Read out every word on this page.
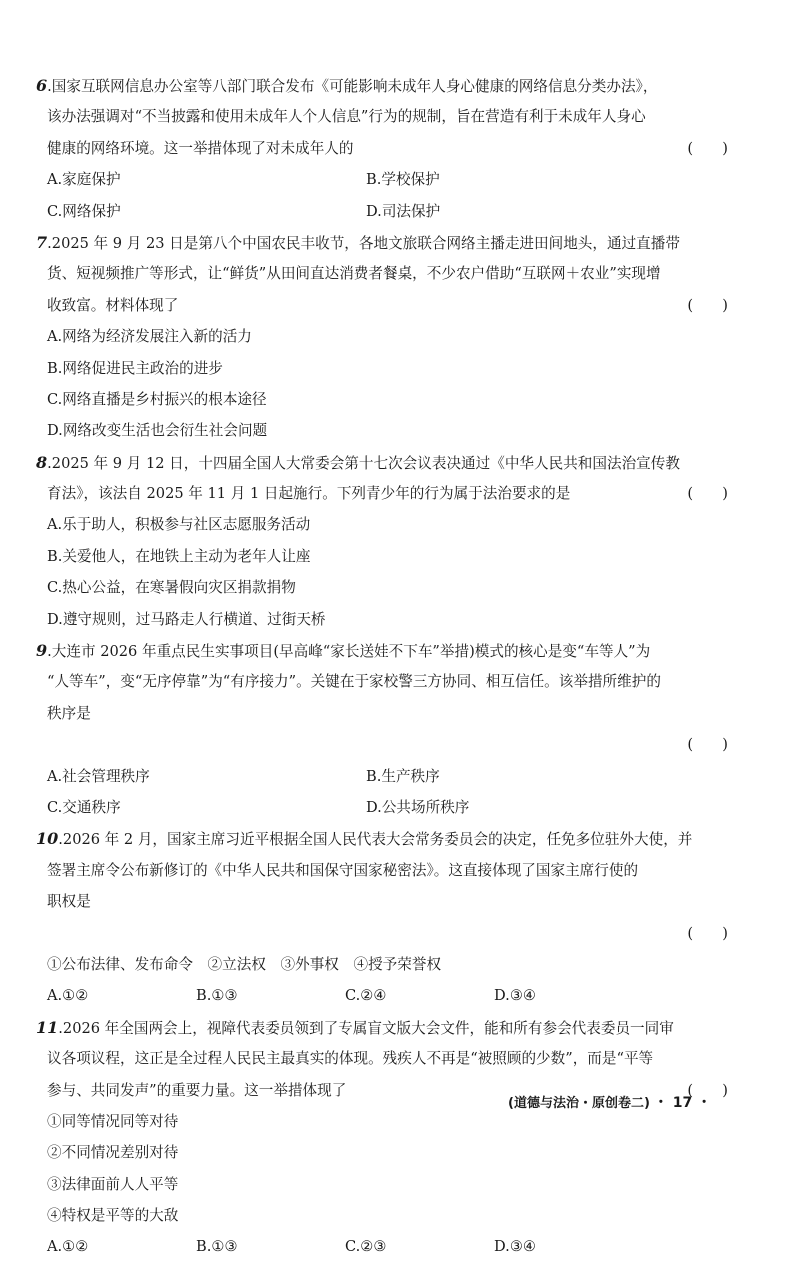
6.国家互联网信息办公室等八部门联合发布《可能影响未成年人身心健康的网络信息分类办法》，
该办法强调对“不当披露和使用未成年人个人信息”行为的规制，旨在营造有利于未成年人身心
健康的网络环境。这一举措体现了对未成年人的	(　　)
A.家庭保护	B.学校保护
C.网络保护	D.司法保护
7.2025 年 9 月 23 日是第八个中国农民丰收节，各地文旅联合网络主播走进田间地头，通过直播带
货、短视频推广等形式，让“鲜货”从田间直达消费者餐桌，不少农户借助“互联网＋农业”实现增
收致富。材料体现了	(　　)
A.网络为经济发展注入新的活力
B.网络促进民主政治的进步
C.网络直播是乡村振兴的根本途径
D.网络改变生活也会衍生社会问题
8.2025 年 9 月 12 日，十四届全国人大常委会第十七次会议表决通过《中华人民共和国法治宣传教
育法》，该法自 2025 年 11 月 1 日起施行。下列青少年的行为属于法治要求的是	(　　)
A.乐于助人，积极参与社区志愿服务活动
B.关爱他人，在地铁上主动为老年人让座
C.热心公益，在寒暑假向灾区捐款捐物
D.遵守规则，过马路走人行横道、过街天桥
9.大连市 2026 年重点民生实事项目(早高峰“家长送娃不下车”举措)模式的核心是变“车等人”为
“人等车”，变“无序停靠”为“有序接力”。关键在于家校警三方协同、相互信任。该举措所维护的
秩序是
(　　)
A.社会管理秩序	B.生产秩序
C.交通秩序	D.公共场所秩序
10.2026 年 2 月，国家主席习近平根据全国人民代表大会常务委员会的决定，任免多位驻外大使，并
签署主席令公布新修订的《中华人民共和国保守国家秘密法》。这直接体现了国家主席行使的
职权是
(　　)
①公布法律、发布命令　②立法权　③外事权　④授予荣誉权
A.①②	B.①③	C.②④	D.③④
11.2026 年全国两会上，视障代表委员领到了专属盲文版大会文件，能和所有参会代表委员一同审
议各项议程，这正是全过程人民民主最真实的体现。残疾人不再是“被照顾的少数”，而是“平等
参与、共同发声”的重要力量。这一举措体现了	(　　)
①同等情况同等对待
②不同情况差别对待
③法律面前人人平等
④特权是平等的大敌
A.①②	B.①③	C.②③	D.③④
(道德与法治・原创卷二) ・ 17 ・
